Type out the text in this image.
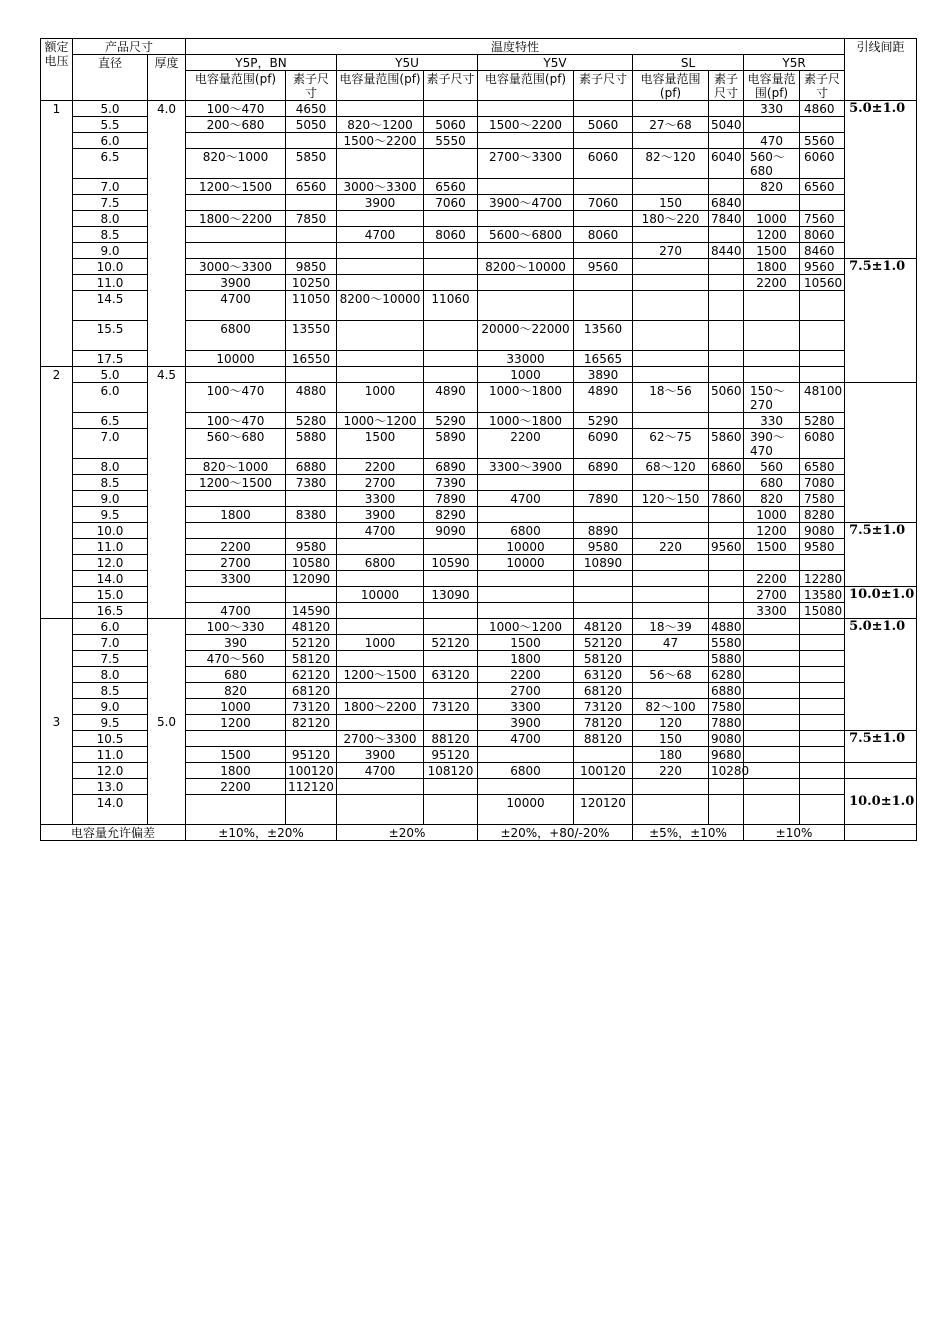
额定电压	产品尺寸		温度特性										引线间距	
	直径	厚度	Y5P，BN		Y5U		Y5V		SL		Y5R			
			电容量范围(pf)	素子尺寸	电容量范围(pf)	素子尺寸	电容量范围(pf)	素子尺寸	电容量范围(pf)	素子尺寸	电容量范围(pf)	素子尺寸		
1	5.0	4.0	100～470	4650							330	4860	5.0±1.0	
	5.5		200～680	5050	820～1200	5060	1500～2200	5060	27～68	5040				
	6.0				1500～2200	5550					470	5560		
	6.5		820～1000	5850			2700～3300	6060	82～120	6040	560～680	6060		
	7.0		1200～1500	6560	3000～3300	6560					820	6560		
	7.5				3900	7060	3900～4700	7060	150	6840				
	8.0		1800～2200	7850					180～220	7840	1000	7560		
	8.5				4700	8060	5600～6800	8060			1200	8060		
	9.0								270	8440	1500	8460		
	10.0		3000～3300	9850			8200～10000	9560			1800	9560	7.5±1.0	
	11.0		3900	10250							2200	10560		
	14.5		4700	11050	8200～10000	11060								
	15.5		6800	13550			20000～22000	13560						
	17.5		10000	16550			33000	16565						
2	5.0	4.5					1000	3890					
	6.0		100～470	4880	1000	4890	1000～1800	4890	18～56	5060	150～270	48100		
	6.5		100～470	5280	1000～1200	5290	1000～1800	5290			330	5280		
	7.0		560～680	5880	1500	5890	2200	6090	62～75	5860	390～470	6080		
	8.0		820～1000	6880	2200	6890	3300～3900	6890	68～120	6860	560	6580		
	8.5		1200～1500	7380	2700	7390					680	7080		
	9.0				3300	7890	4700	7890	120～150	7860	820	7580		
	9.5		1800	8380	3900	8290					1000	8280		
	10.0				4700	9090	6800	8890			1200	9080	7.5±1.0	
	11.0		2200	9580			10000	9580	220	9560	1500	9580		
	12.0		2700	10580	6800	10590	10000	10890						
	14.0		3300	12090							2200	12280		
	15.0				10000	13090					2700	13580	10.0±1.0	
	16.5		4700	14590							3300	15080		
3	6.0	5.0	100～330	48120			1000～1200	48120	18～39	4880			5.0±1.0	
	7.0		390	52120	1000	52120	1500	52120	47	5580				
	7.5		470～560	58120			1800	58120		5880				
	8.0		680	62120	1200～1500	63120	2200	63120	56～68	6280				
	8.5		820	68120			2700	68120		6880				
	9.0		1000	73120	1800～2200	73120	3300	73120	82～100	7580				
	9.5		1200	82120			3900	78120	120	7880				
	10.5				2700～3300	88120	4700	88120	150	9080			7.5±1.0	
	11.0		1500	95120	3900	95120			180	9680				
	12.0		1800	100120	4700	108120	6800	100120	220	10280				
	13.0		2200	112120									10.0±1.0	
	14.0						10000	120120						
电容量允许偏差			±10%，±20%		±20%		±20%，+80/-20%		±5%，±10%		±10%			
